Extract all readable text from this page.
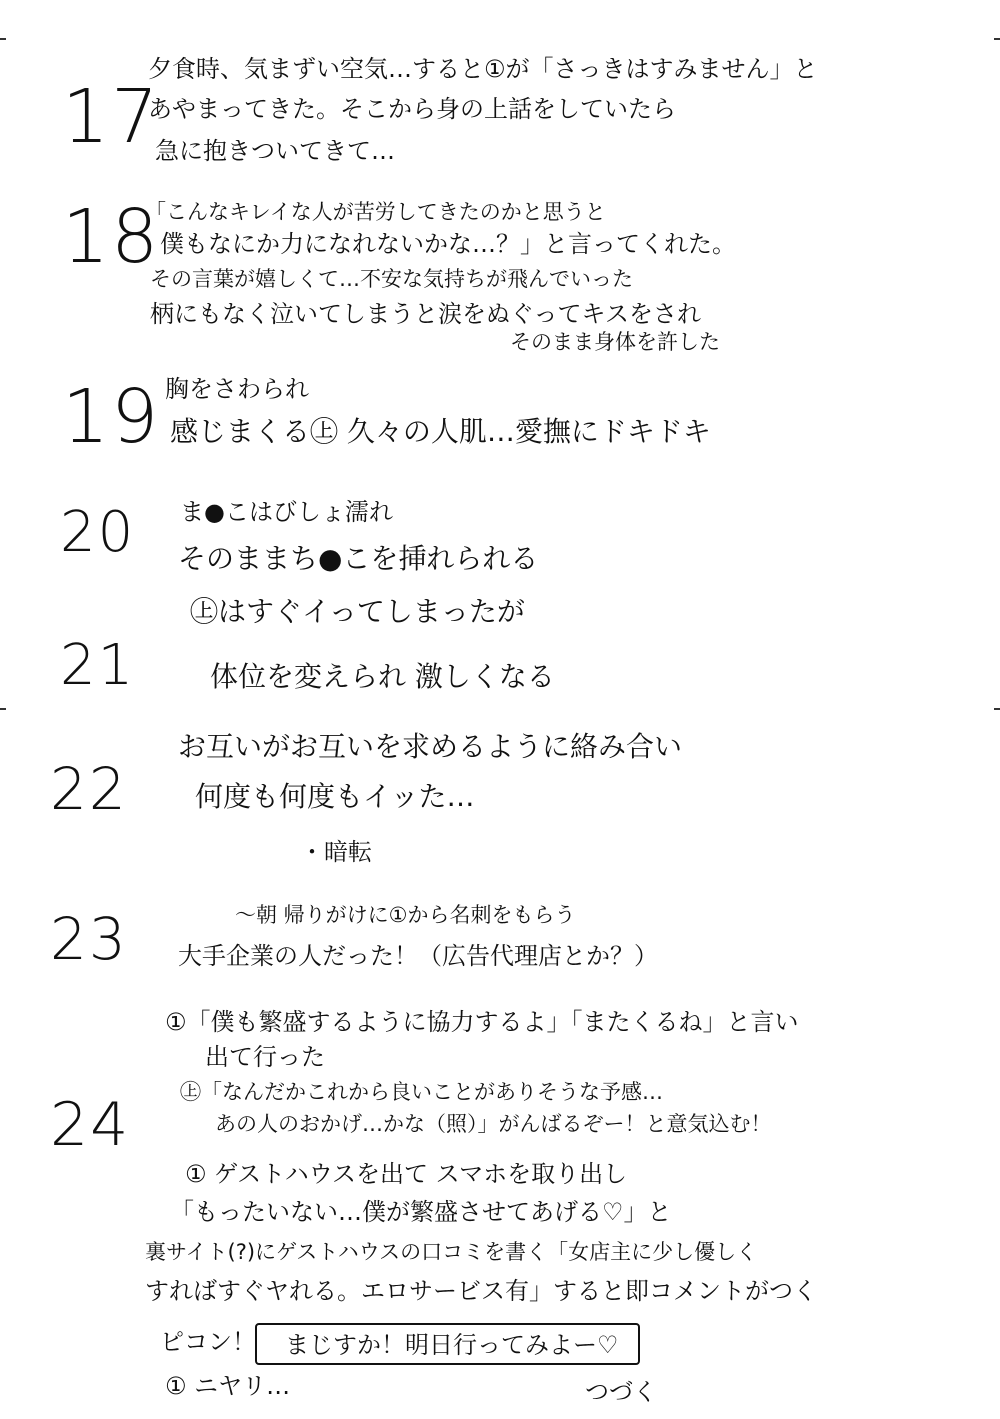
17
夕食時、気まずい空気…すると①が「さっきはすみません」と
あやまってきた。そこから身の上話をしていたら
急に抱きついてきて…
18
「こんなキレイな人が苦労してきたのかと思うと
僕もなにか力になれないかな…？」と言ってくれた。
その言葉が嬉しくて…不安な気持ちが飛んでいった
柄にもなく泣いてしまうと涙をぬぐってキスをされ
そのまま身体を許した
19 胸をさわられ
感じまくる㊤ 久々の人肌…愛撫にドキドキ
20 ま●こはびしょ濡れ
そのままち●こを挿れられる
㊤はすぐイってしまったが
21	体位を変えられ 激しくなる
22
お互いがお互いを求めるように絡み合い
何度も何度もイッた…
・暗転
23	〜朝 帰りがけに①から名刺をもらう
大手企業の人だった！（広告代理店とか？）
24
①「僕も繁盛するように協力するよ」「またくるね」と言い
出て行った
㊤「なんだかこれから良いことがありそうな予感…
あの人のおかげ…かな（照）」がんばるぞー！と意気込む！
① ゲストハウスを出て スマホを取り出し
「もったいない…僕が繁盛させてあげる♡」と
裏サイト(?)にゲストハウスの口コミを書く「女店主に少し優しく
すればすぐヤれる。エロサービス有」すると即コメントがつく
ピコン！ まじすか！明日行ってみよー♡
① ニヤリ…	つづく
